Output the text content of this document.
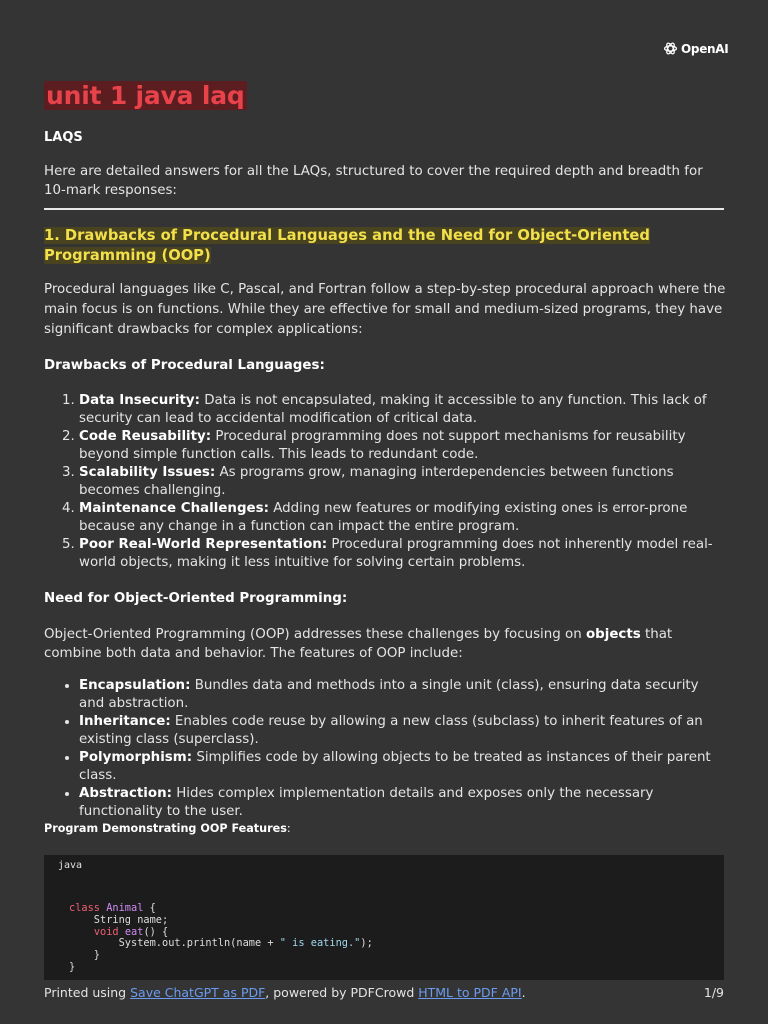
OpenAI
unit 1 java laq
LAQS

Here are detailed answers for all the LAQs, structured to cover the required depth and breadth for 10-mark responses:

1. Drawbacks of Procedural Languages and the Need for Object-Oriented Programming (OOP)

Procedural languages like C, Pascal, and Fortran follow a step-by-step procedural approach where the main focus is on functions. While they are effective for small and medium-sized programs, they have significant drawbacks for complex applications:

Drawbacks of Procedural Languages:
1. Data Insecurity: Data is not encapsulated, making it accessible to any function. This lack of security can lead to accidental modification of critical data.
2. Code Reusability: Procedural programming does not support mechanisms for reusability beyond simple function calls. This leads to redundant code.
3. Scalability Issues: As programs grow, managing interdependencies between functions becomes challenging.
4. Maintenance Challenges: Adding new features or modifying existing ones is error-prone because any change in a function can impact the entire program.
5. Poor Real-World Representation: Procedural programming does not inherently model real-world objects, making it less intuitive for solving certain problems.
Need for Object-Oriented Programming:

Object-Oriented Programming (OOP) addresses these challenges by focusing on objects that combine both data and behavior. The features of OOP include:

• Encapsulation: Bundles data and methods into a single unit (class), ensuring data security and abstraction.
• Inheritance: Enables code reuse by allowing a new class (subclass) to inherit features of an existing class (superclass).
• Polymorphism: Simplifies code by allowing objects to be treated as instances of their parent class.
• Abstraction: Hides complex implementation details and exposes only the necessary functionality to the user.
Program Demonstrating OOP Features:
java
class Animal {
String name;
void eat() {
System.out.println(name + " is eating.");
}
}
Printed using Save ChatGPT as PDF, powered by PDFCrowd HTML to PDF API.	1/9
